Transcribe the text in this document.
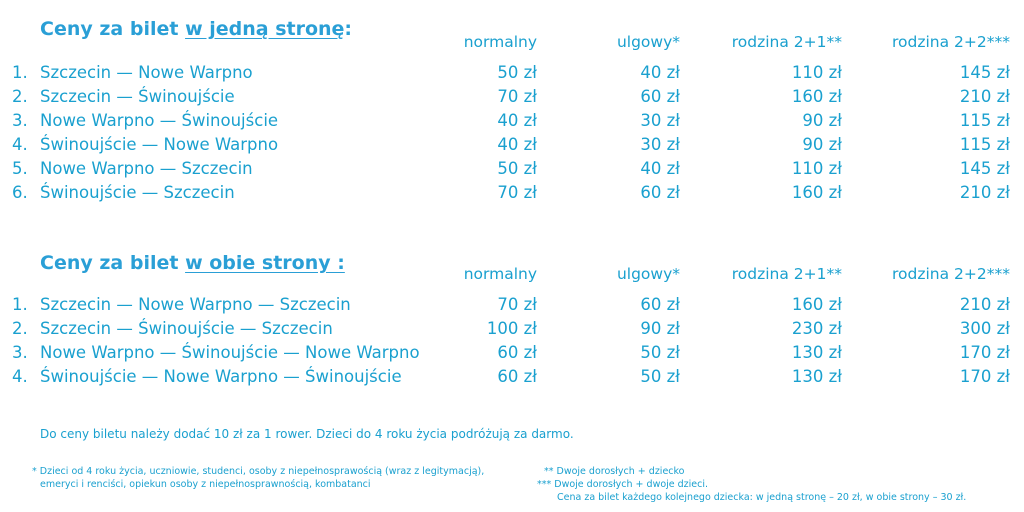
Ceny za bilet w jedną stronę:
normalny	ulgowy*	rodzina 2+1**	rodzina 2+2***
1. Szczecin — Nowe Warpno	50 zł	40 zł	110 zł	145 zł
2. Szczecin — Świnoujście	70 zł	60 zł	160 zł	210 zł
3. Nowe Warpno — Świnoujście	40 zł	30 zł	90 zł	115 zł
4. Świnoujście — Nowe Warpno	40 zł	30 zł	90 zł	115 zł
5. Nowe Warpno — Szczecin	50 zł	40 zł	110 zł	145 zł
6. Świnoujście — Szczecin	70 zł	60 zł	160 zł	210 zł
Ceny za bilet w obie strony :	normalny	ulgowy*	rodzina 2+1**	rodzina 2+2***
1. Szczecin — Nowe Warpno — Szczecin	70 zł	60 zł	160 zł	210 zł
2. Szczecin — Świnoujście — Szczecin	100 zł	90 zł	230 zł	300 zł
3. Nowe Warpno — Świnoujście — Nowe Warpno	60 zł	50 zł	130 zł	170 zł
4. Świnoujście — Nowe Warpno — Świnoujście	60 zł	50 zł	130 zł	170 zł
Do ceny biletu należy dodać 10 zł za 1 rower. Dzieci do 4 roku życia podróżują za darmo.
* Dzieci od 4 roku życia, uczniowie, studenci, osoby z niepełnosprawością (wraz z legitymacją),
emeryci i renciści, opiekun osoby z niepełnosprawnością, kombatanci
** Dwoje dorosłych + dziecko
*** Dwoje dorosłych + dwoje dzieci.
Cena za bilet każdego kolejnego dziecka: w jedną stronę – 20 zł, w obie strony – 30 zł.
